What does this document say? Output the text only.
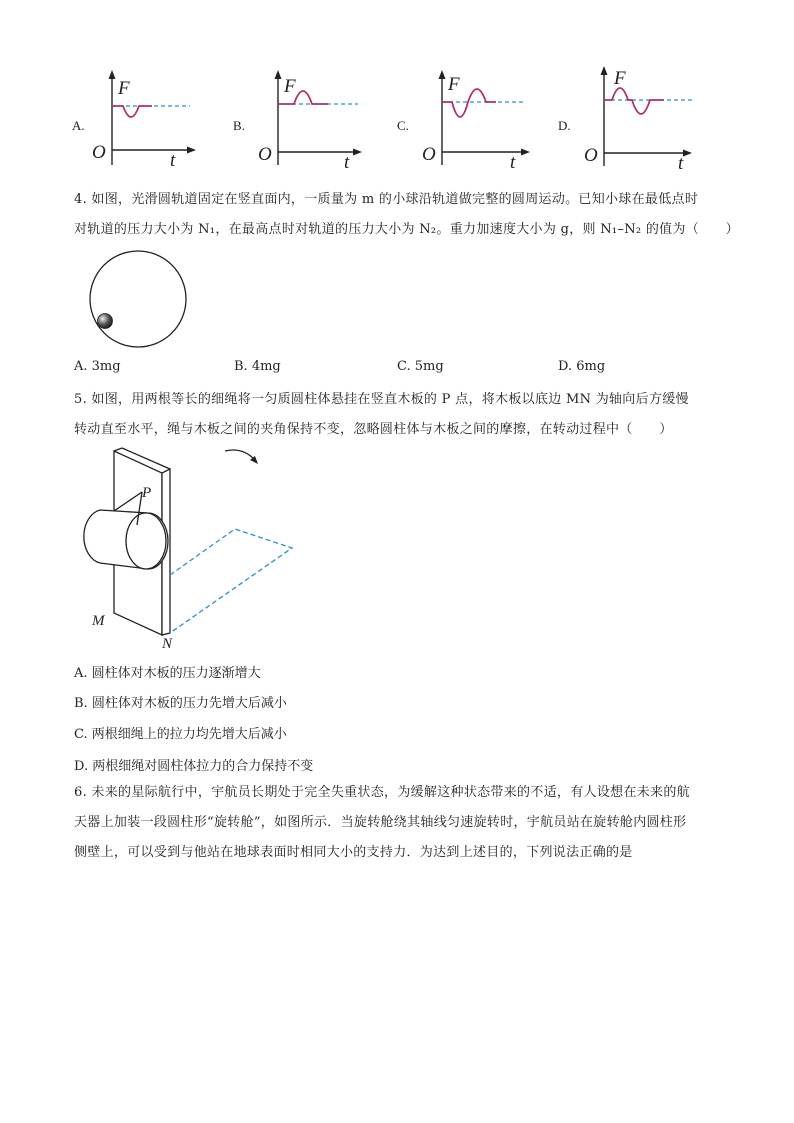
A.
F
O	t
B.
F
O	t
C.
F
O	t
D.
F
O	t
4. 如图，光滑圆轨道固定在竖直面内，一质量为 m 的小球沿轨道做完整的圆周运动。已知小球在最低点时
对轨道的压力大小为 N₁，在最高点时对轨道的压力大小为 N₂。重力加速度大小为 g，则 N₁–N₂ 的值为（　　）
A. 3mg	B. 4mg	C. 5mg	D. 6mg
5. 如图，用两根等长的细绳将一匀质圆柱体悬挂在竖直木板的 P 点，将木板以底边 MN 为轴向后方缓慢
转动直至水平，绳与木板之间的夹角保持不变，忽略圆柱体与木板之间的摩擦，在转动过程中（　　）
P
M
N
A. 圆柱体对木板的压力逐渐增大
B. 圆柱体对木板的压力先增大后减小
C. 两根细绳上的拉力均先增大后减小
D. 两根细绳对圆柱体拉力的合力保持不变
6. 未来的星际航行中，宇航员长期处于完全失重状态，为缓解这种状态带来的不适，有人设想在未来的航
天器上加装一段圆柱形“旋转舱”，如图所示．当旋转舱绕其轴线匀速旋转时，宇航员站在旋转舱内圆柱形
侧壁上，可以受到与他站在地球表面时相同大小的支持力．为达到上述目的，下列说法正确的是
